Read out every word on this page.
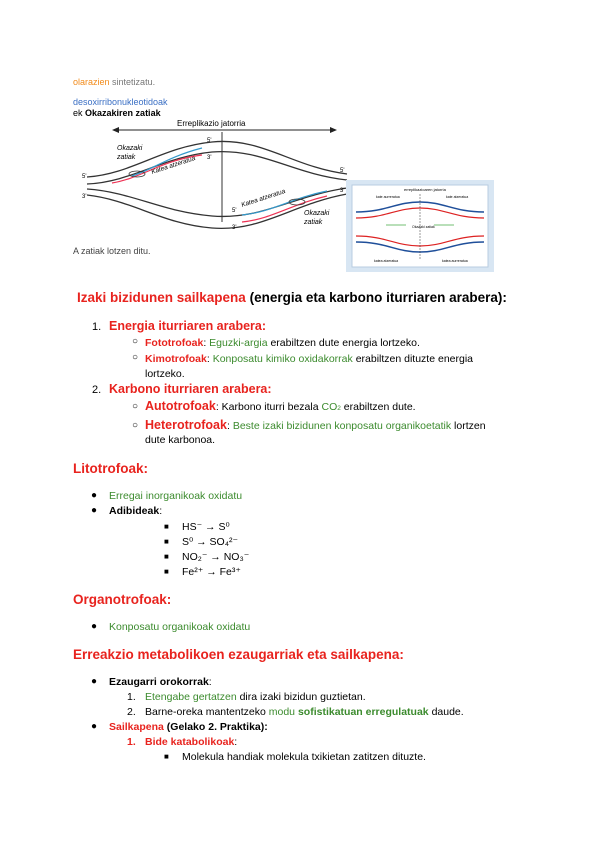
olarazien sintetizatu.
desoxirribonukleotidoak
ek Okazakiren zatiak
Erreplikazio jatorria
Okazaki
zatiak Katea atzeratua
Katea atzeratua
Okazaki
zatiak
5'
3'
5'
3'
5'
3'
5'
3'	erreplikazioaren jatorria
kate aurreratua	kate atzeratua
Okazaki zatiak
katea atzeratua	katea aurreratua
A zatiak lotzen ditu.
Izaki bizidunen sailkapena (energia eta karbono iturriaren arabera):
1. Energia iturriaren arabera:
○ Fototrofoak: Eguzki-argia erabiltzen dute energia lortzeko.
○ Kimotrofoak: Konposatu kimiko oxidakorrak erabiltzen dituzte energia
lortzeko.
2. Karbono iturriaren arabera:
○ Autotrofoak: Karbono iturri bezala CO2 erabiltzen dute.
○ Heterotrofoak: Beste izaki bizidunen konposatu organikoetatik lortzen
dute karbonoa.
Litotrofoak:
● Erregai inorganikoak oxidatu
● Adibideak:
■ HS⁻ → S⁰
■ S⁰ → SO₄²⁻
■ NO₂⁻ → NO₃⁻
■ Fe²⁺ → Fe³⁺
Organotrofoak:
● Konposatu organikoak oxidatu
Erreakzio metabolikoen ezaugarriak eta sailkapena:
● Ezaugarri orokorrak:
1. Etengabe gertatzen dira izaki bizidun guztietan.
2. Barne-oreka mantentzeko modu sofistikatuan erregulatuak daude.
● Sailkapena (Gelako 2. Praktika):
1. Bide katabolikoak:
■ Molekula handiak molekula txikietan zatitzen dituzte.
